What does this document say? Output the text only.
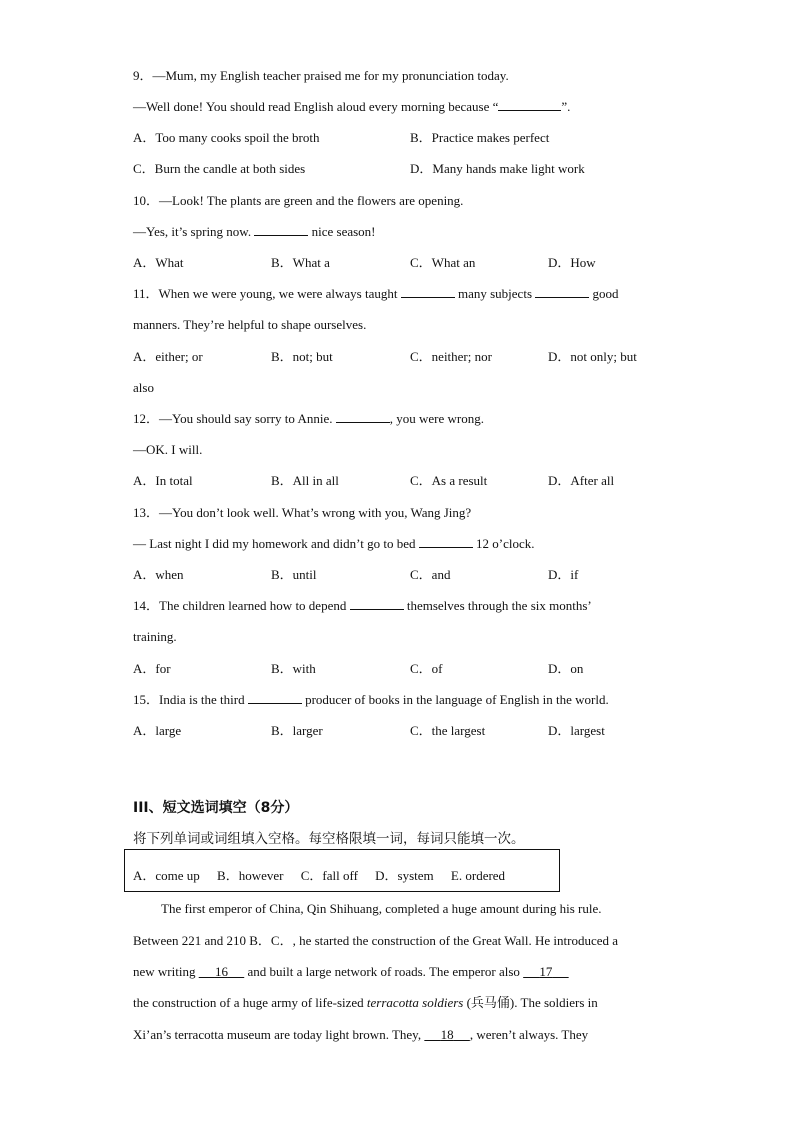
9．—Mum, my English teacher praised me for my pronunciation today.
—Well done! You should read English aloud every morning because “	”.
A．Too many cooks spoil the broth	B．Practice makes perfect
C．Burn the candle at both sides	D．Many hands make light work
10．—Look! The plants are green and the flowers are opening.
—Yes, it’s spring now.	nice season!
A．What	B．What a	C．What an	D．How
11．When we were young, we were always taught	many subjects	good
manners. They’re helpful to shape ourselves.
A．either; or	B．not; but	C．neither; nor	D．not only; but
also
12．—You should say sorry to Annie.	, you were wrong.
—OK. I will.
A．In total	B．All in all	C．As a result	D．After all
13．—You don’t look well. What’s wrong with you, Wang Jing?
— Last night I did my homework and didn’t go to bed	12 o’clock.
A．when	B．until	C．and	D．if
14．The children learned how to depend	themselves through the six months’
training.
A．for	B．with	C．of	D．on
15．India is the third	producer of books in the language of English in the world.
A．large	B．larger	C．the largest	D．largest
III、短文选词填空（8分）
将下列单词或词组填入空格。每空格限填一词，每词只能填一次。
A．come up B．however C．fall off D．system E. ordered
The first emperor of China, Qin Shihuang, completed a huge amount during his rule.
Between 221 and 210 B．C．, he started the construction of the Great Wall. He introduced a
new writing      16      and built a large network of roads. The emperor also      17
the construction of a huge army of life-sized terracotta soldiers (兵马俑). The soldiers in
Xi’an’s terracotta museum are today light brown. They,      18 , weren’t always. They
